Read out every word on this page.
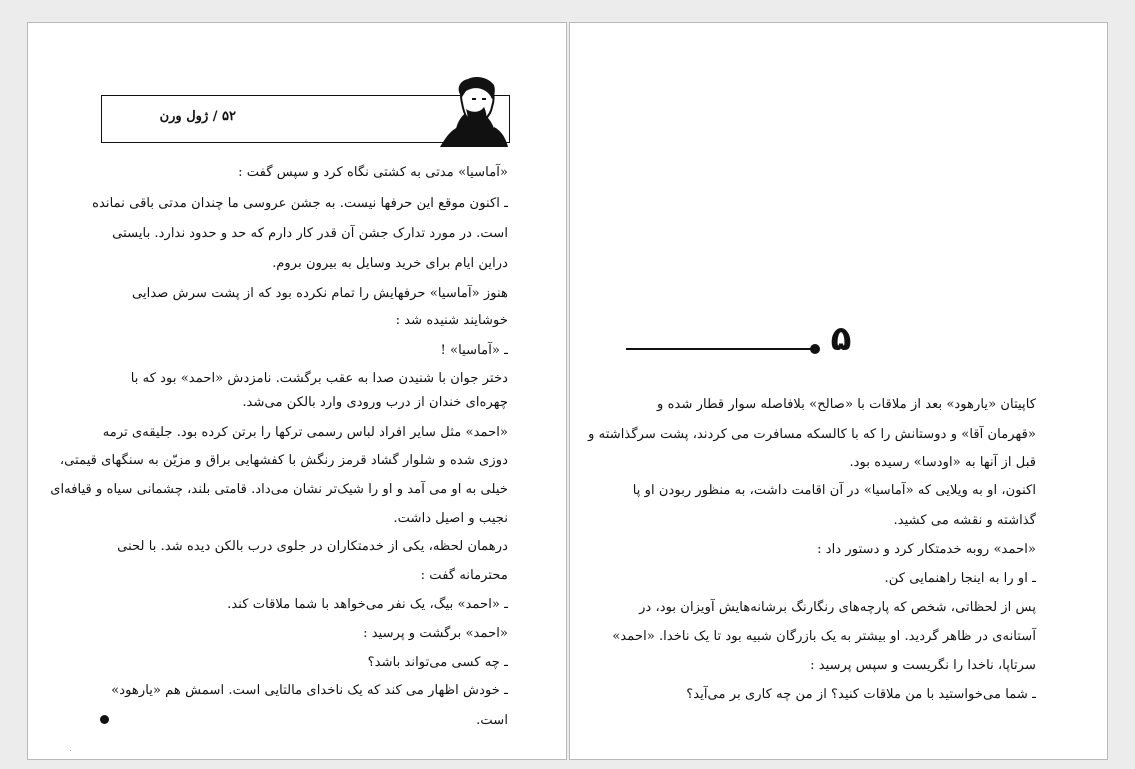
۵۲ / ژول ورن
«آماسیا» مدتی به کشتی نگاه کرد و سپس گفت :
ـ اکنون موقع این حرفها نیست. به جشن عروسی ما چندان مدتی باقی نمانده
است. در مورد تدارک جشن آن قدر کار دارم که حد و حدود ندارد. بایستی
دراین ایام برای خرید وسایل به بیرون بروم.
هنوز «آماسیا» حرفهایش را تمام نکرده بود که از پشت سرش صدایی
خوشایند شنیده شد :
ـ «آماسیا» !
دختر جوان با شنیدن صدا به عقب برگشت. نامزدش «احمد» بود که با
چهره‌ای خندان از درب ورودی وارد بالکن می‌شد.
«احمد» مثل سایر افراد لباس رسمی ترکها را برتن کرده بود. جلیقه‌ی ترمه
دوزی شده و شلوار گشاد قرمز رنگش با کفشهایی براق و مزیّن به سنگهای قیمتی،
خیلی به او می آمد و او را شیک‌تر نشان می‌داد. قامتی بلند، چشمانی سیاه و قیافه‌ای
نجیب و اصیل داشت.
درهمان لحظه، یکی از خدمتکاران در جلوی درب بالکن دیده شد. با لحنی
محترمانه گفت :
ـ «احمد» بیگ، یک نفر می‌خواهد با شما ملاقات کند.
«احمد» برگشت و پرسید :
ـ چه کسی می‌تواند باشد؟
ـ خودش اظهار می کند که یک ناخدای مالتایی است. اسمش هم «یارهود»
است.
۵
کاپیتان «یارهود» بعد از ملاقات با «صالح» بلافاصله سوار قطار شده و
«قهرمان آقا» و دوستانش را که با کالسکه مسافرت می کردند، پشت سرگذاشته و
قبل از آنها به «اودسا» رسیده بود.
اکنون، او به ویلایی که «آماسیا» در آن اقامت داشت، به منظور ربودن او پا
گذاشته و نقشه می کشید.
«احمد» روبه خدمتکار کرد و دستور داد :
ـ او را به اینجا راهنمایی کن.
پس از لحظاتی، شخص که پارچه‌های رنگارنگ برشانه‌هایش آویزان بود، در
آستانه‌ی در ظاهر گردید. او بیشتر به یک بازرگان شبیه بود تا یک ناخدا. «احمد»
سرتاپا، ناخدا را نگریست و سپس پرسید :
ـ شما می‌خواستید با من ملاقات کنید؟ از من چه کاری بر می‌آید؟
